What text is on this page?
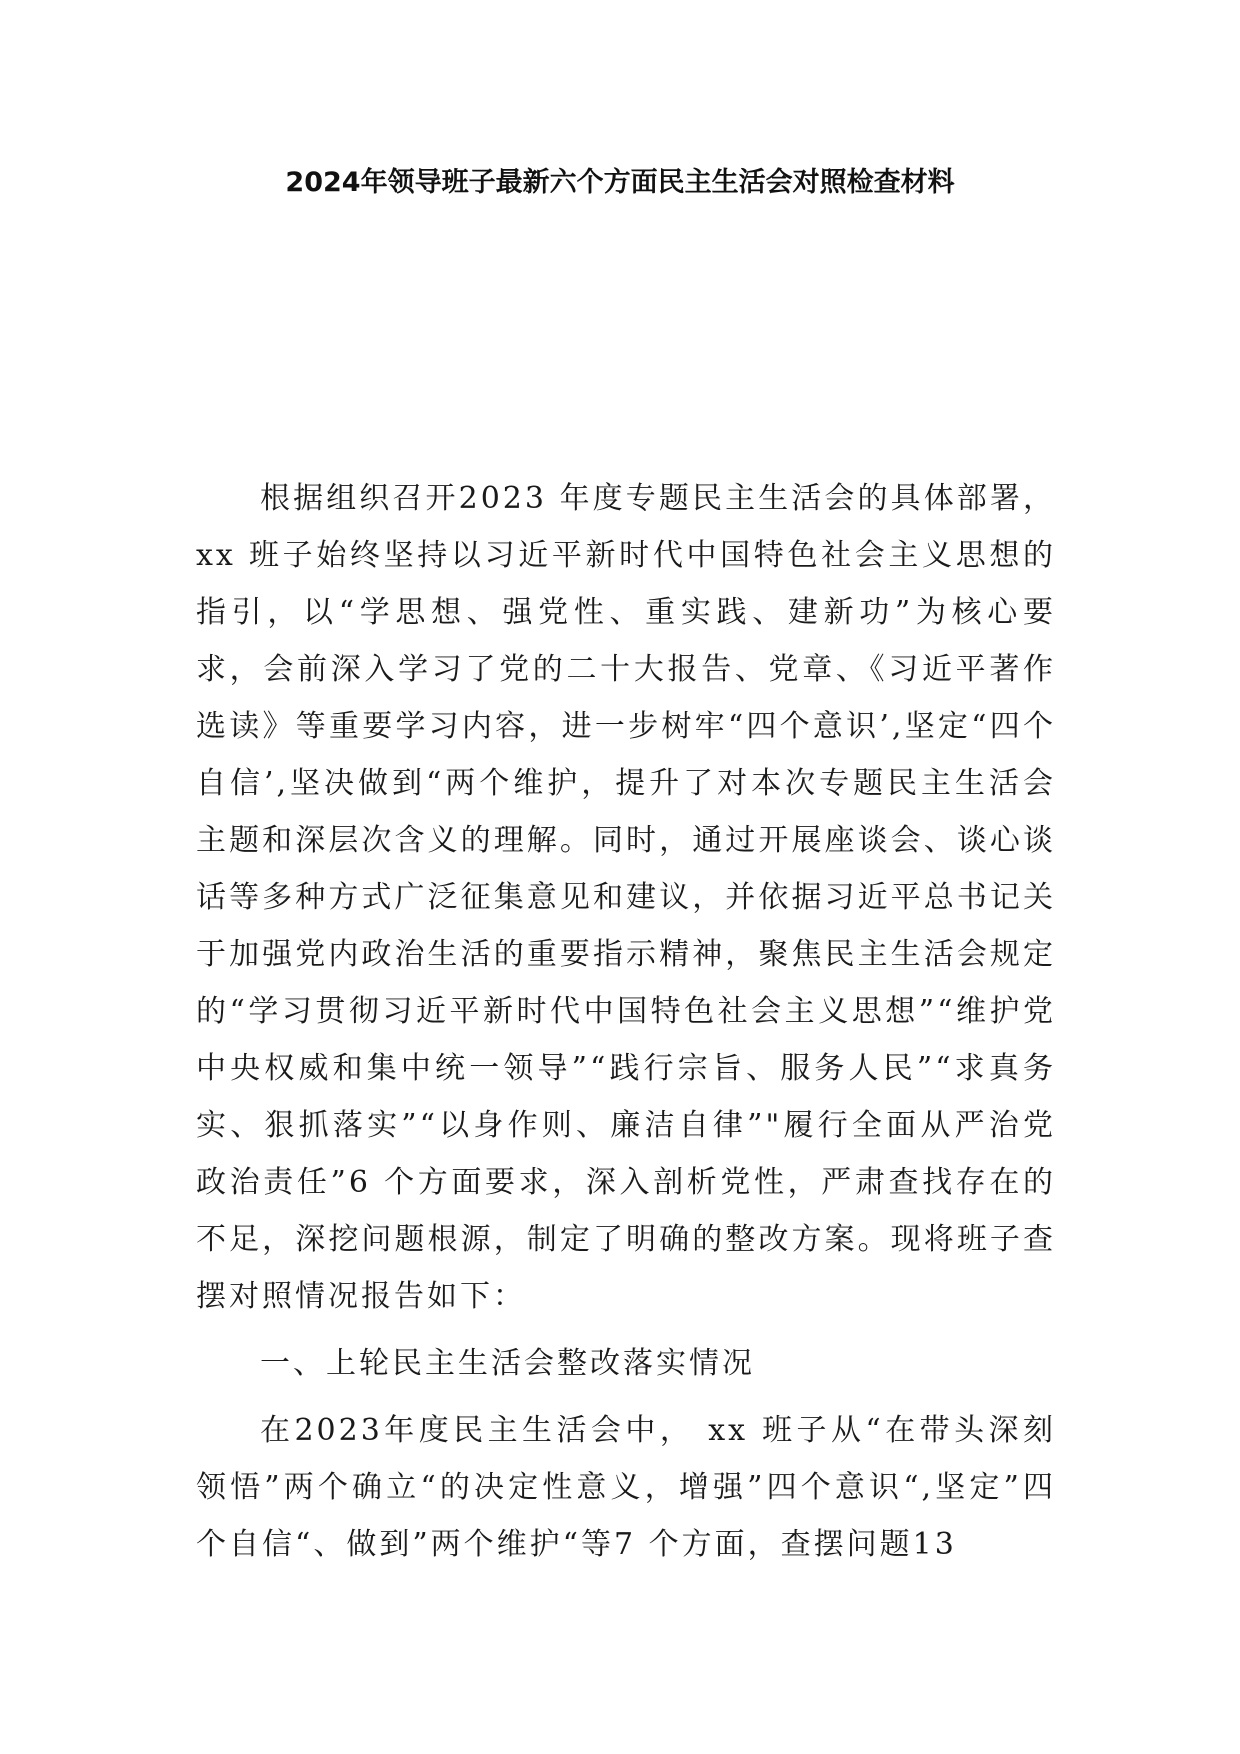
2024年领导班子最新六个方面民主生活会对照检查材料

根据组织召开2023 年度专题民主生活会的具体部署，xx 班子始终坚持以习近平新时代中国特色社会主义思想的指引，以“学思想、强党性、重实践、建新功”为核心要求，会前深入学习了党的二十大报告、党章、《习近平著作选读》等重要学习内容，进一步树牢“四个意识’,坚定“四个自信’,坚决做到“两个维护，提升了对本次专题民主生活会主题和深层次含义的理解。同时，通过开展座谈会、谈心谈话等多种方式广泛征集意见和建议，并依据习近平总书记关于加强党内政治生活的重要指示精神，聚焦民主生活会规定的“学习贯彻习近平新时代中国特色社会主义思想”“维护党中央权威和集中统一领导”“践行宗旨、服务人民”“求真务实、狠抓落实”“以身作则、廉洁自律”"履行全面从严治党政治责任”6 个方面要求，深入剖析党性，严肃查找存在的不足，深挖问题根源，制定了明确的整改方案。现将班子查摆对照情况报告如下：

一、上轮民主生活会整改落实情况

在2023年度民主生活会中， xx 班子从“在带头深刻领悟”两个确立“的决定性意义，增强”四个意识“,坚定”四个自信“、做到”两个维护“等7 个方面，查摆问题13
